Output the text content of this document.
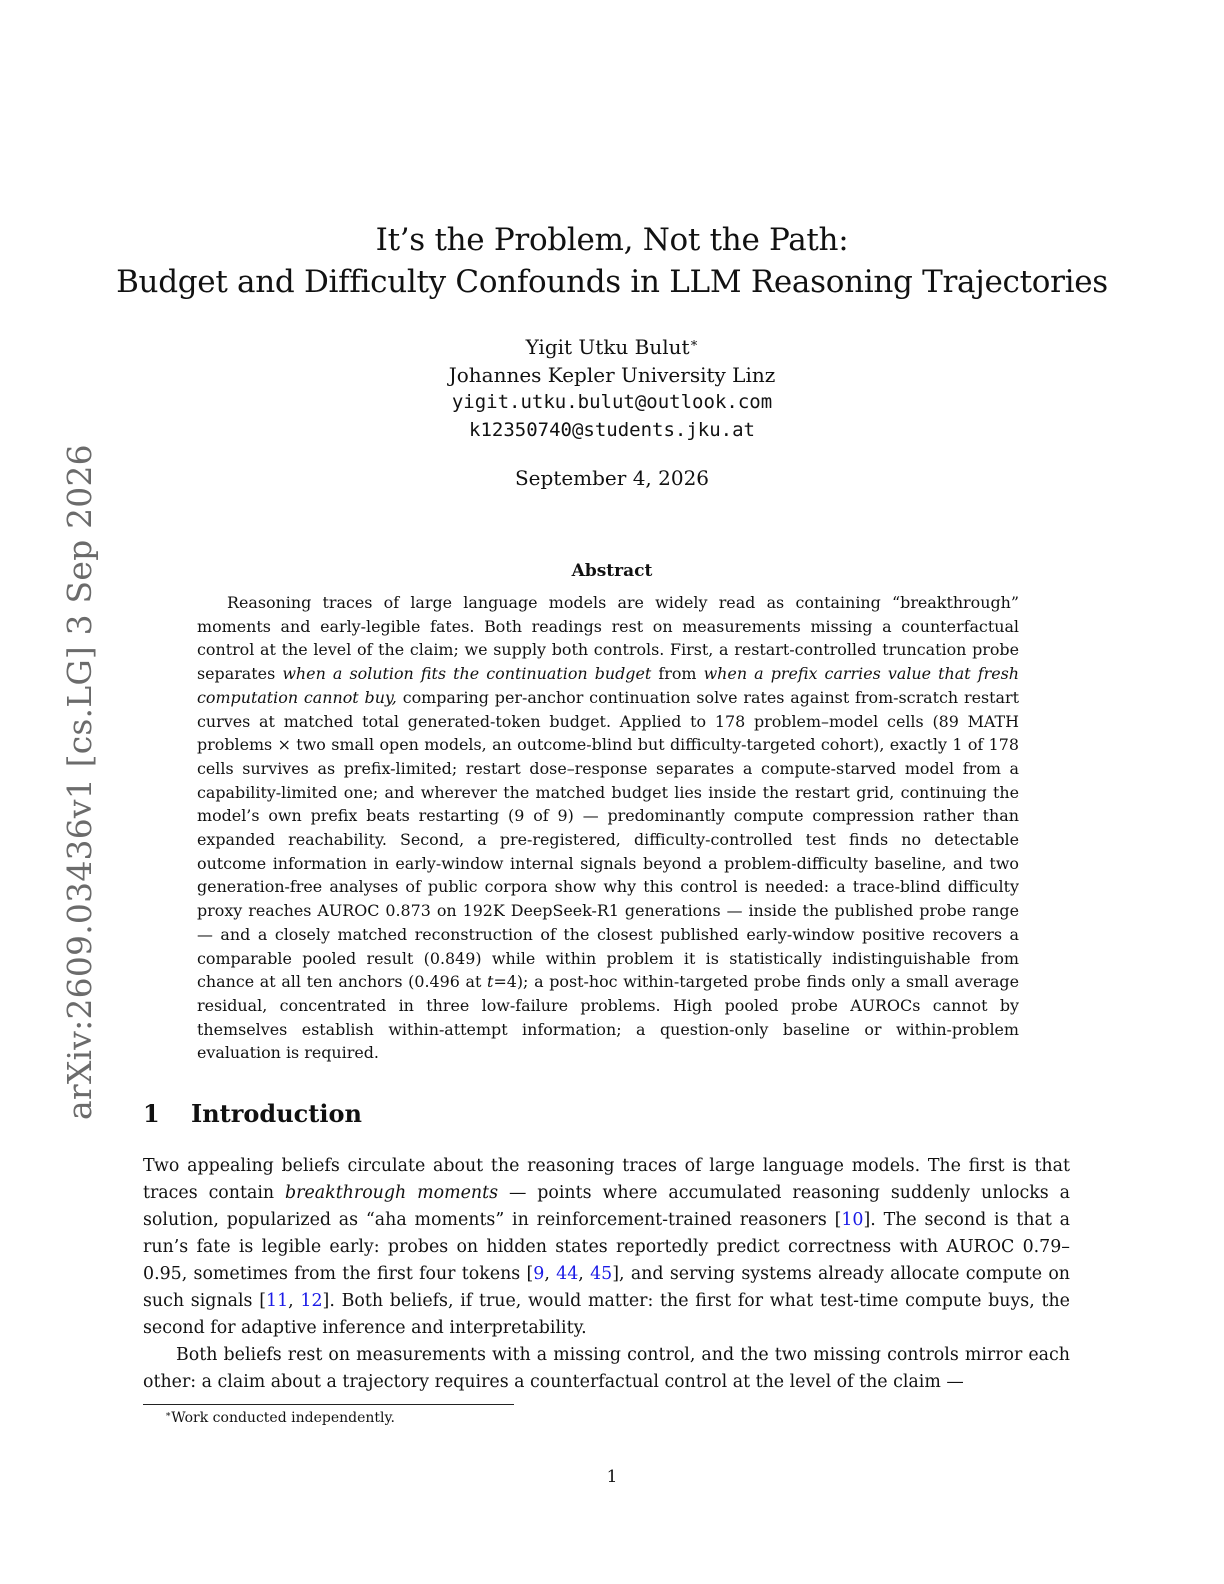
arXiv:2609.03436v1 [cs.LG] 3 Sep 2026
It’s the Problem, Not the Path:
Budget and Difficulty Confounds in LLM Reasoning Trajectories
Yigit Utku Bulut∗
Johannes Kepler University Linz
yigit.utku.bulut@outlook.com
k12350740@students.jku.at
September 4, 2026
Abstract
Reasoning traces of large language models are widely read as containing “breakthrough” moments and early-legible fates. Both readings rest on measurements missing a counterfactual control at the level of the claim; we supply both controls. First, a restart-controlled truncation probe separates when a solution fits the continuation budget from when a prefix carries value that fresh computation cannot buy, comparing per-anchor continuation solve rates against from-scratch restart curves at matched total generated-token budget. Applied to 178 problem–model cells (89 MATH problems × two small open models, an outcome-blind but difficulty-targeted cohort), exactly 1 of 178 cells survives as prefix-limited; restart dose–response separates a compute-starved model from a capability-limited one; and wherever the matched budget lies inside the restart grid, continuing the model’s own prefix beats restarting (9 of 9) — predominantly compute compression rather than expanded reachability. Second, a pre-registered, difficulty-controlled test finds no detectable outcome information in early-window internal signals beyond a problem-difficulty baseline, and two generation-free analyses of public corpora show why this control is needed: a trace-blind difficulty proxy reaches AUROC 0.873 on 192K DeepSeek-R1 generations — inside the published probe range — and a closely matched reconstruction of the closest published early-window positive recovers a comparable pooled result (0.849) while within problem it is statistically indistinguishable from chance at all ten anchors (0.496 at t=4); a post-hoc within-targeted probe finds only a small average residual, concentrated in three low-failure problems. High pooled probe AUROCs cannot by themselves establish within-attempt information; a question-only baseline or within-problem evaluation is required.
1 Introduction
Two appealing beliefs circulate about the reasoning traces of large language models. The first is that traces contain breakthrough moments — points where accumulated reasoning suddenly unlocks a solution, popularized as “aha moments” in reinforcement-trained reasoners [10]. The second is that a run’s fate is legible early: probes on hidden states reportedly predict correctness with AUROC 0.79–0.95, sometimes from the first four tokens [9, 44, 45], and serving systems already allocate compute on such signals [11, 12]. Both beliefs, if true, would matter: the first for what test-time compute buys, the second for adaptive inference and interpretability.
Both beliefs rest on measurements with a missing control, and the two missing controls mirror each other: a claim about a trajectory requires a counterfactual control at the level of the claim —
∗Work conducted independently.
1
